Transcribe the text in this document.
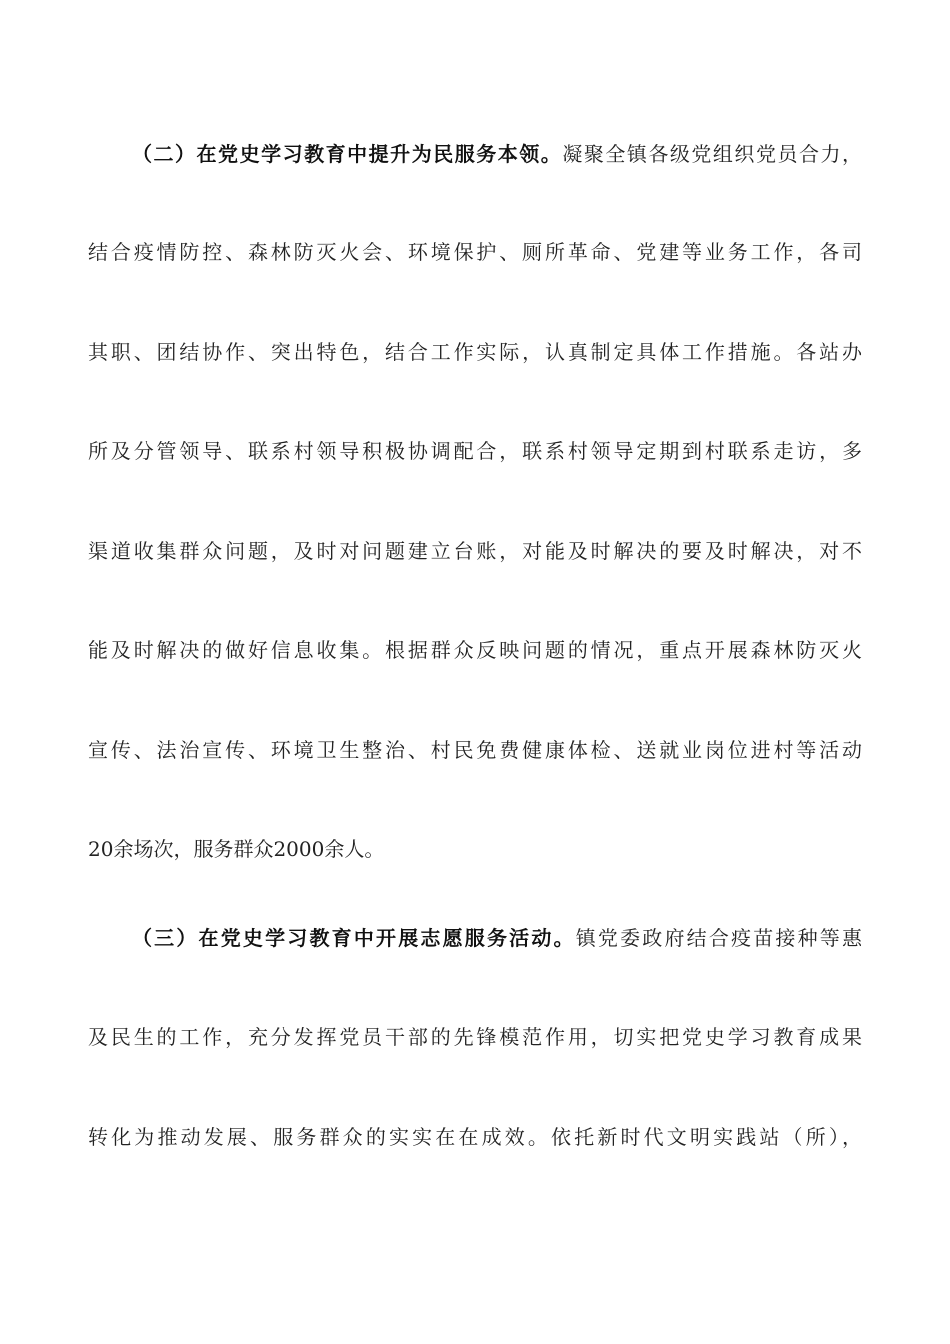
（二）在党史学习教育中提升为民服务本领。凝聚全镇各级党组织党员合力，
结合疫情防控、森林防灭火会、环境保护、厕所革命、党建等业务工作，各司
其职、团结协作、突出特色，结合工作实际，认真制定具体工作措施。各站办
所及分管领导、联系村领导积极协调配合，联系村领导定期到村联系走访，多
渠道收集群众问题，及时对问题建立台账，对能及时解决的要及时解决，对不
能及时解决的做好信息收集。根据群众反映问题的情况，重点开展森林防灭火
宣传、法治宣传、环境卫生整治、村民免费健康体检、送就业岗位进村等活动
20余场次，服务群众2000余人。
（三）在党史学习教育中开展志愿服务活动。镇党委政府结合疫苗接种等惠
及民生的工作，充分发挥党员干部的先锋模范作用，切实把党史学习教育成果
转化为推动发展、服务群众的实实在在成效。依托新时代文明实践站（所），
